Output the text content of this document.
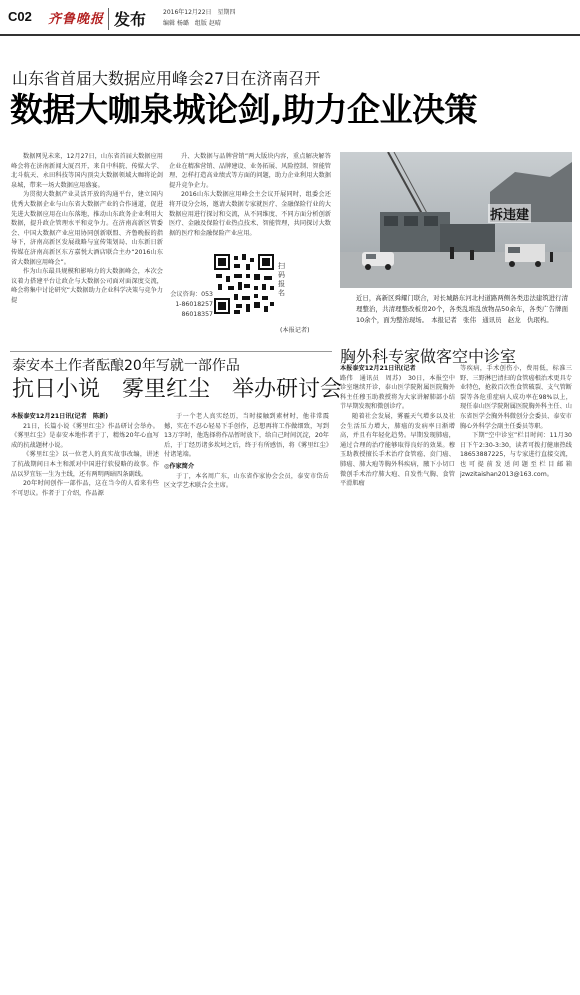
C02 齐鲁晚报 发布	2016年12月22日　星期四
编辑 杨璐　组版 赵晴
山东省首届大数据应用峰会27日在济南召开
数据大咖泉城论剑,助力企业决策

数据网见未来，12月27日，山东省首届大数据应用峰会将在济南新闻大厦召开，来自中科院、传媒大学、北斗航天、永田科技等国内顶尖大数据领域大咖将论剑泉城，带来一场大数据应用盛宴。

为贯彻大数据产业灵活开放的沟通平台，建立国内优秀大数据企业与山东省大数据产业的合作通道，促进先进大数据应用在山东落地，推动山东政务企业利用大数据，提升政企管理水平和竞争力。在济南高新区管委会、中国大数据产业应用协同创新联盟、齐鲁晚报的指导下，济南高新区发展战略与宣传策划局、山东新日新传媒在济南高新区东方嘉悦大酒店联合主办“2016山东省大数据应用峰会”。

作为山东最具规模和影响力的大数据峰会，本次会议着力搭建平台让政企与大数据公司面对面深度交流，峰会将集中讨论研究“大数据助力企业科学决策与竞争力提

升、大数据与品牌营销”两大版块内容，重点解决解答企业在精准营销、品牌建设、业务拓展、风险控制、智能管理、怎样打造高业绩式等方面的问题，助力企业利用大数据提升竞争企力。

2016山东大数据应用峰会主会议开展同时，组委会还将开设分会场，邀请大数据专家就医疗、金融保险行业的大数据应用进行探讨和交流，从不同维度、不同方面分析创新医疗、金融及保险行业热点技术、智能管理，共同探讨大数据的医疗和金融保险产业应用。

扫码报名
会议咨询：0531-86018257　86018357
(本报记者)
拆违建
近日，高新区舜耀门联合，对长城路东河北村道路两侧各类违法建筑进行清理整治，共清理整改板房20个，各类乱堆乱放物品50余车，各类广告牌面10余个，面为整治现场。　本报记者　张伟　通讯员　赵龙　仇珉构。
泰安本土作者酝酿20年写就一部作品
抗日小说　雾里红尘　举办研讨会

本报泰安12月21日讯(记者　陈新)

21日，长篇小说《雾里红尘》作品研讨会举办。《雾里红尘》是泰安本地作者于丁，精炼20年心血写成的抗战题材小说。

《雾里红尘》以一位老人的真实故事改编，讲述了抗战期间日本主和派对中国进行软侵略的故事。作品以罗宜钰一生为主线，还有两明两暗四条副线。

20年时间创作一部作品，这在当今的人看来有些不可思议。作者于丁介绍，作品源

于一个老人真实经历，当时接触到素材时，他非常震撼，实在不忍心轻易下手创作，总想再将工作做细致，写到13万字时，他选择将作品暂时放下，给自己时间沉淀，20年后，于丁经历诸多坎坷之后，终于有所感悟，将《雾里红尘》付诸笔端。

◎作家简介

于丁，本名周广东，山东省作家协会会员，泰安市岱岳区文学艺术联合会主席。

胸外科专家做客空中诊室

本报泰安12月21日讯(记者

路伟　通讯员　周苏)　30日，本报空中诊室继续开诊，泰山医学院附属医院胸外科主任穆玉助教授将为大家讲解肺部小结节早期发现和微创诊疗。

随着社会发展，雾霾天气增多以及社会生活压力增大，肺癌的发病率日渐增高，并且有年轻化趋势。早期发现肺癌，通过合理的治疗能够取得良好的效果。穆玉助教授擅长手术治疗食管癌、贲门癌、肺癌、肺大疱等胸外科疾病，腋下小切口微创手术治疗肺大疱、自发性气胸、食管平滑肌瘤

等疾病，手术创伤小，费用低，标准三野、三野淋巴清扫的食管癌根治术更具专业特色，抢救百次性食管破裂、支气管断裂等各危重症病人成功率在98%以上，现任泰山医学院附属医院胸外科主任、山东省医学会胸外科微创分会委员、泰安市胸心外科学会副主任委员等职。

下期“空中诊室”栏目时间：11月30日下午2:30-3:30，读者可拨打健康热线18653887225，与专家进行直接交流，也可提前发送问题至栏目邮箱jzwzitaishan2013@163.com。
